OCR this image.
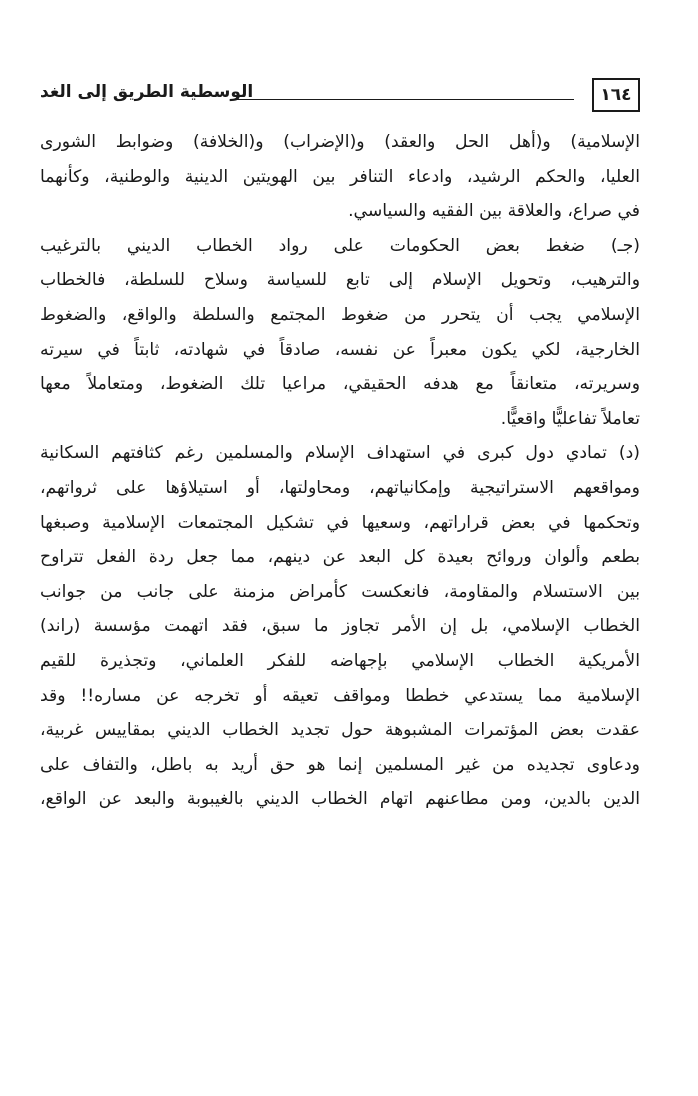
الوسطية الطريق إلى الغد	١٦٤
الإسلامية) و(أهل الحل والعقد) و(الإضراب) و(الخلافة) وضوابط الشورى
العليا، والحكم الرشيد، وادعاء التنافر بين الهويتين الدينية والوطنية، وكأنهما
في صراع، والعلاقة بين الفقيه والسياسي.
(جـ) ضغط بعض الحكومات على رواد الخطاب الديني بالترغيب
والترهيب، وتحويل الإسلام إلى تابع للسياسة وسلاح للسلطة، فالخطاب
الإسلامي يجب أن يتحرر من ضغوط المجتمع والسلطة والواقع، والضغوط
الخارجية، لكي يكون معبراً عن نفسه، صادقاً في شهادته، ثابتاً في سيرته
وسريرته، متعانقاً مع هدفه الحقيقي، مراعيا تلك الضغوط، ومتعاملاً معها
تعاملاً تفاعليًّا واقعيًّا.
(د) تمادي دول كبرى في استهداف الإسلام والمسلمين رغم كثافتهم السكانية
ومواقعهم الاستراتيجية وإمكانياتهم، ومحاولتها، أو استيلاؤها على ثرواتهم،
وتحكمها في بعض قراراتهم، وسعيها في تشكيل المجتمعات الإسلامية وصبغها
بطعم وألوان وروائح بعيدة كل البعد عن دينهم، مما جعل ردة الفعل تتراوح
بين الاستسلام والمقاومة، فانعكست كأمراض مزمنة على جانب من جوانب
الخطاب الإسلامي، بل إن الأمر تجاوز ما سبق، فقد اتهمت مؤسسة (راند)
الأمريكية الخطاب الإسلامي بإجهاضه للفكر العلماني، وتجذيرة للقيم
الإسلامية مما يستدعي خططا ومواقف تعيقه أو تخرجه عن مساره!! وقد
عقدت بعض المؤتمرات المشبوهة حول تجديد الخطاب الديني بمقاييس غربية،
ودعاوى تجديده من غير المسلمين إنما هو حق أريد به باطل، والتفاف على
الدين بالدين، ومن مطاعنهم اتهام الخطاب الديني بالغيبوبة والبعد عن الواقع،
